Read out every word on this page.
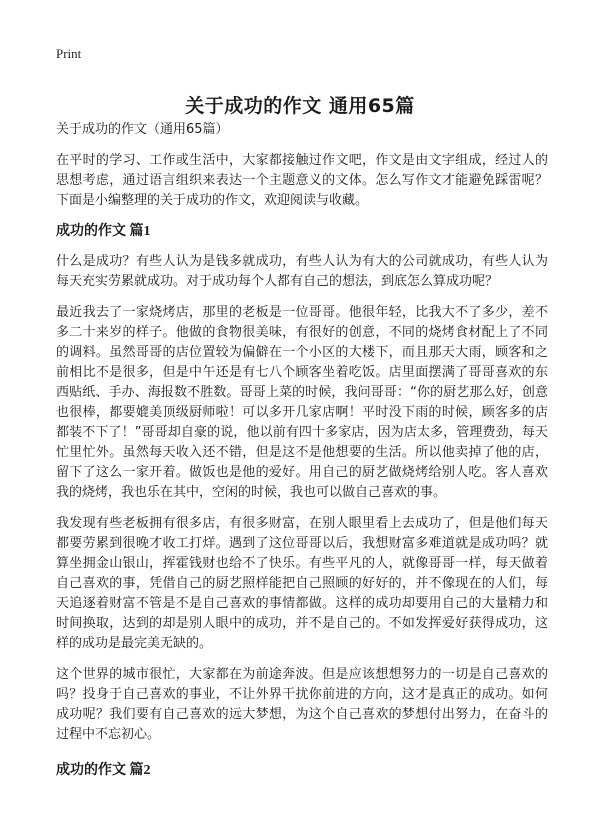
Print
关于成功的作文 通用65篇
关于成功的作文（通用65篇）

在平时的学习、工作或生活中，大家都接触过作文吧，作文是由文字组成，经过人的思想考虑，通过语言组织来表达一个主题意义的文体。怎么写作文才能避免踩雷呢？下面是小编整理的关于成功的作文，欢迎阅读与收藏。

成功的作文 篇1

什么是成功？有些人认为是钱多就成功，有些人认为有大的公司就成功，有些人认为每天充实劳累就成功。对于成功每个人都有自己的想法，到底怎么算成功呢？

最近我去了一家烧烤店，那里的老板是一位哥哥。他很年轻，比我大不了多少，差不多二十来岁的样子。他做的食物很美味，有很好的创意，不同的烧烤食材配上了不同的调料。虽然哥哥的店位置较为偏僻在一个小区的大楼下，而且那天大雨，顾客和之前相比不是很多，但是中午还是有七八个顾客坐着吃饭。店里面摆满了哥哥喜欢的东西贴纸、手办、海报数不胜数。哥哥上菜的时候，我问哥哥：“你的厨艺那么好，创意也很棒，都要媲美顶级厨师啦！可以多开几家店啊！平时没下雨的时候，顾客多的店都装不下了！”哥哥却自豪的说，他以前有四十多家店，因为店太多，管理费劲，每天忙里忙外。虽然每天收入还不错，但是这不是他想要的生活。所以他卖掉了他的店，留下了这么一家开着。做饭也是他的爱好。用自己的厨艺做烧烤给别人吃。客人喜欢我的烧烤，我也乐在其中，空闲的时候，我也可以做自己喜欢的事。

我发现有些老板拥有很多店，有很多财富，在别人眼里看上去成功了，但是他们每天都要劳累到很晚才收工打烊。遇到了这位哥哥以后，我想财富多难道就是成功吗？就算坐拥金山银山，挥霍钱财也给不了快乐。有些平凡的人，就像哥哥一样，每天做着自己喜欢的事，凭借自己的厨艺照样能把自己照顾的好好的，并不像现在的人们，每天追逐着财富不管是不是自己喜欢的事情都做。这样的成功却要用自己的大量精力和时间换取，达到的却是别人眼中的成功，并不是自己的。不如发挥爱好获得成功，这样的成功是最完美无缺的。

这个世界的城市很忙，大家都在为前途奔波。但是应该想想努力的一切是自己喜欢的吗？投身于自己喜欢的事业，不让外界干扰你前进的方向，这才是真正的成功。如何成功呢？我们要有自己喜欢的远大梦想，为这个自己喜欢的梦想付出努力，在奋斗的过程中不忘初心。

成功的作文 篇2
